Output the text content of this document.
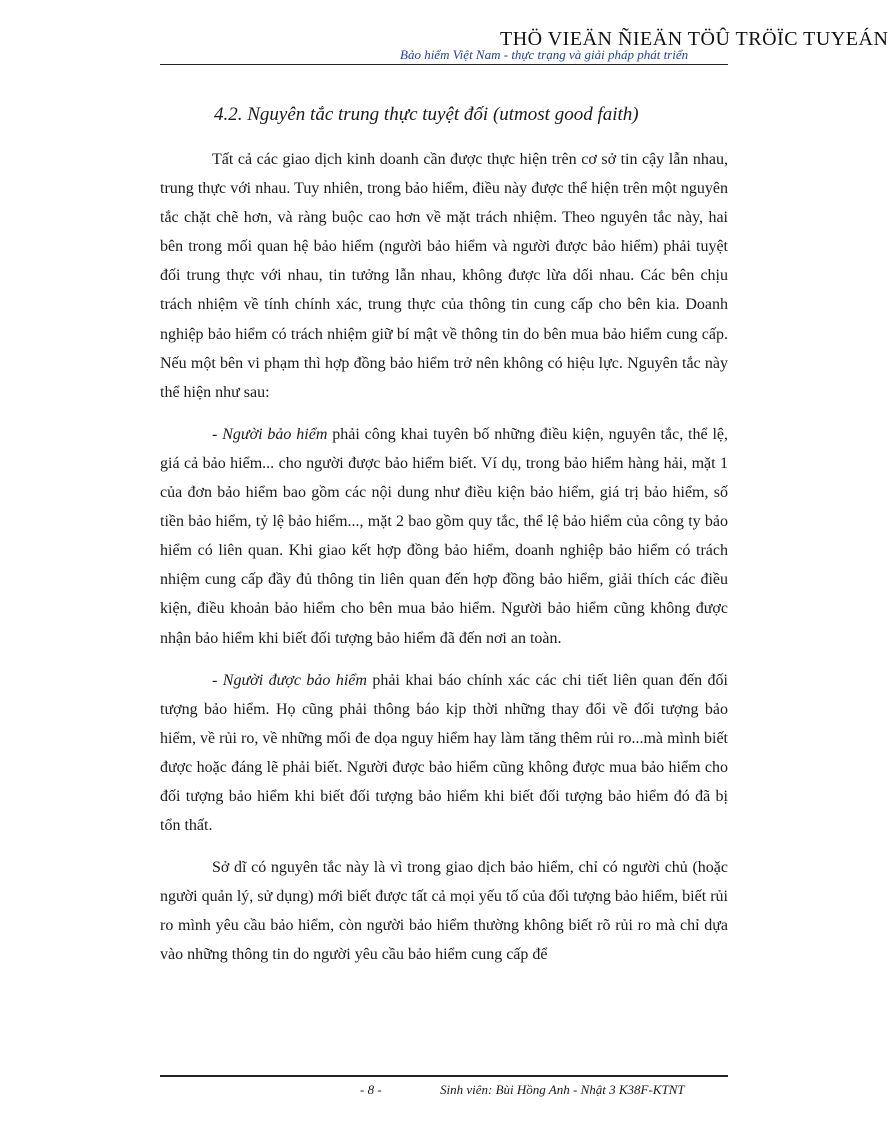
THÖ VIEÄN ÑIEÄN TÖÛ TRÖÏC TUYEÁN
Bảo hiểm Việt Nam - thực trạng và giải pháp phát triển
4.2. Nguyên tắc trung thực tuyệt đối (utmost good faith)

Tất cả các giao dịch kinh doanh cần được thực hiện trên cơ sở tin cậy lẫn nhau, trung thực với nhau. Tuy nhiên, trong bảo hiểm, điều này được thể hiện trên một nguyên tắc chặt chẽ hơn, và ràng buộc cao hơn về mặt trách nhiệm. Theo nguyên tắc này, hai bên trong mối quan hệ bảo hiểm (người bảo hiểm và người được bảo hiểm) phải tuyệt đối trung thực với nhau, tin tưởng lẫn nhau, không được lừa dối nhau. Các bên chịu trách nhiệm về tính chính xác, trung thực của thông tin cung cấp cho bên kia. Doanh nghiệp bảo hiểm có trách nhiệm giữ bí mật về thông tin do bên mua bảo hiểm cung cấp. Nếu một bên vi phạm thì hợp đồng bảo hiểm trở nên không có hiệu lực. Nguyên tắc này thể hiện như sau:

- Người bảo hiểm phải công khai tuyên bố những điều kiện, nguyên tắc, thể lệ, giá cả bảo hiểm... cho người được bảo hiểm biết. Ví dụ, trong bảo hiểm hàng hải, mặt 1 của đơn bảo hiểm bao gồm các nội dung như điều kiện bảo hiểm, giá trị bảo hiểm, số tiền bảo hiểm, tỷ lệ bảo hiểm..., mặt 2 bao gồm quy tắc, thể lệ bảo hiểm của công ty bảo hiểm có liên quan. Khi giao kết hợp đồng bảo hiểm, doanh nghiệp bảo hiểm có trách nhiệm cung cấp đầy đủ thông tin liên quan đến hợp đồng bảo hiểm, giải thích các điều kiện, điều khoản bảo hiểm cho bên mua bảo hiểm. Người bảo hiểm cũng không được nhận bảo hiểm khi biết đối tượng bảo hiểm đã đến nơi an toàn.

- Người được bảo hiểm phải khai báo chính xác các chi tiết liên quan đến đối tượng bảo hiểm. Họ cũng phải thông báo kịp thời những thay đổi về đối tượng bảo hiểm, về rủi ro, về những mối đe dọa nguy hiểm hay làm tăng thêm rủi ro...mà mình biết được hoặc đáng lẽ phải biết. Người được bảo hiểm cũng không được mua bảo hiểm cho đối tượng bảo hiểm khi biết đối tượng bảo hiểm khi biết đối tượng bảo hiểm đó đã bị tổn thất.

Sở dĩ có nguyên tắc này là vì trong giao dịch bảo hiểm, chỉ có người chủ (hoặc người quản lý, sử dụng) mới biết được tất cả mọi yếu tố của đối tượng bảo hiểm, biết rủi ro mình yêu cầu bảo hiểm, còn người bảo hiểm thường không biết rõ rủi ro mà chỉ dựa vào những thông tin do người yêu cầu bảo hiểm cung cấp để

- 8 -	Sinh viên: Bùi Hồng Anh - Nhật 3 K38F-KTNT
